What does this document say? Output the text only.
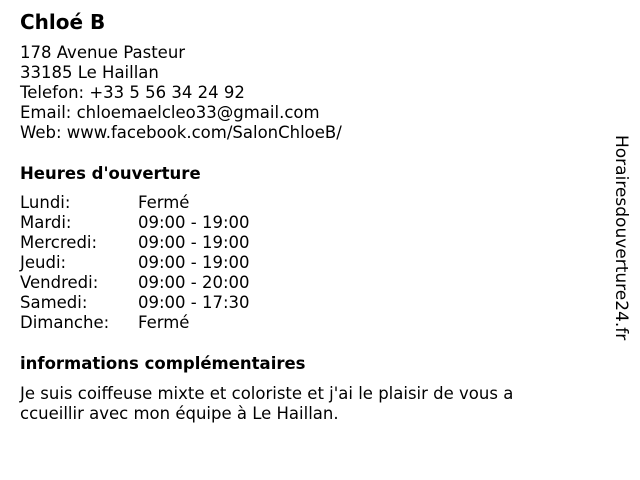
Chloé B
178 Avenue Pasteur
33185 Le Haillan
Telefon: +33 5 56 34 24 92
Email: chloemaelcleo33@gmail.com
Web: www.facebook.com/SalonChloeB/
Heures d'ouverture
Lundi:	Fermé
Mardi:	09:00 - 19:00
Mercredi:	09:00 - 19:00
Jeudi:	09:00 - 19:00
Vendredi:	09:00 - 20:00
Samedi:	09:00 - 17:30
Dimanche:	Fermé
informations complémentaires
Je suis coiffeuse mixte et coloriste et j'ai le plaisir de vous a ccueillir avec mon équipe à Le Haillan.
Horairesdouverture24.fr
